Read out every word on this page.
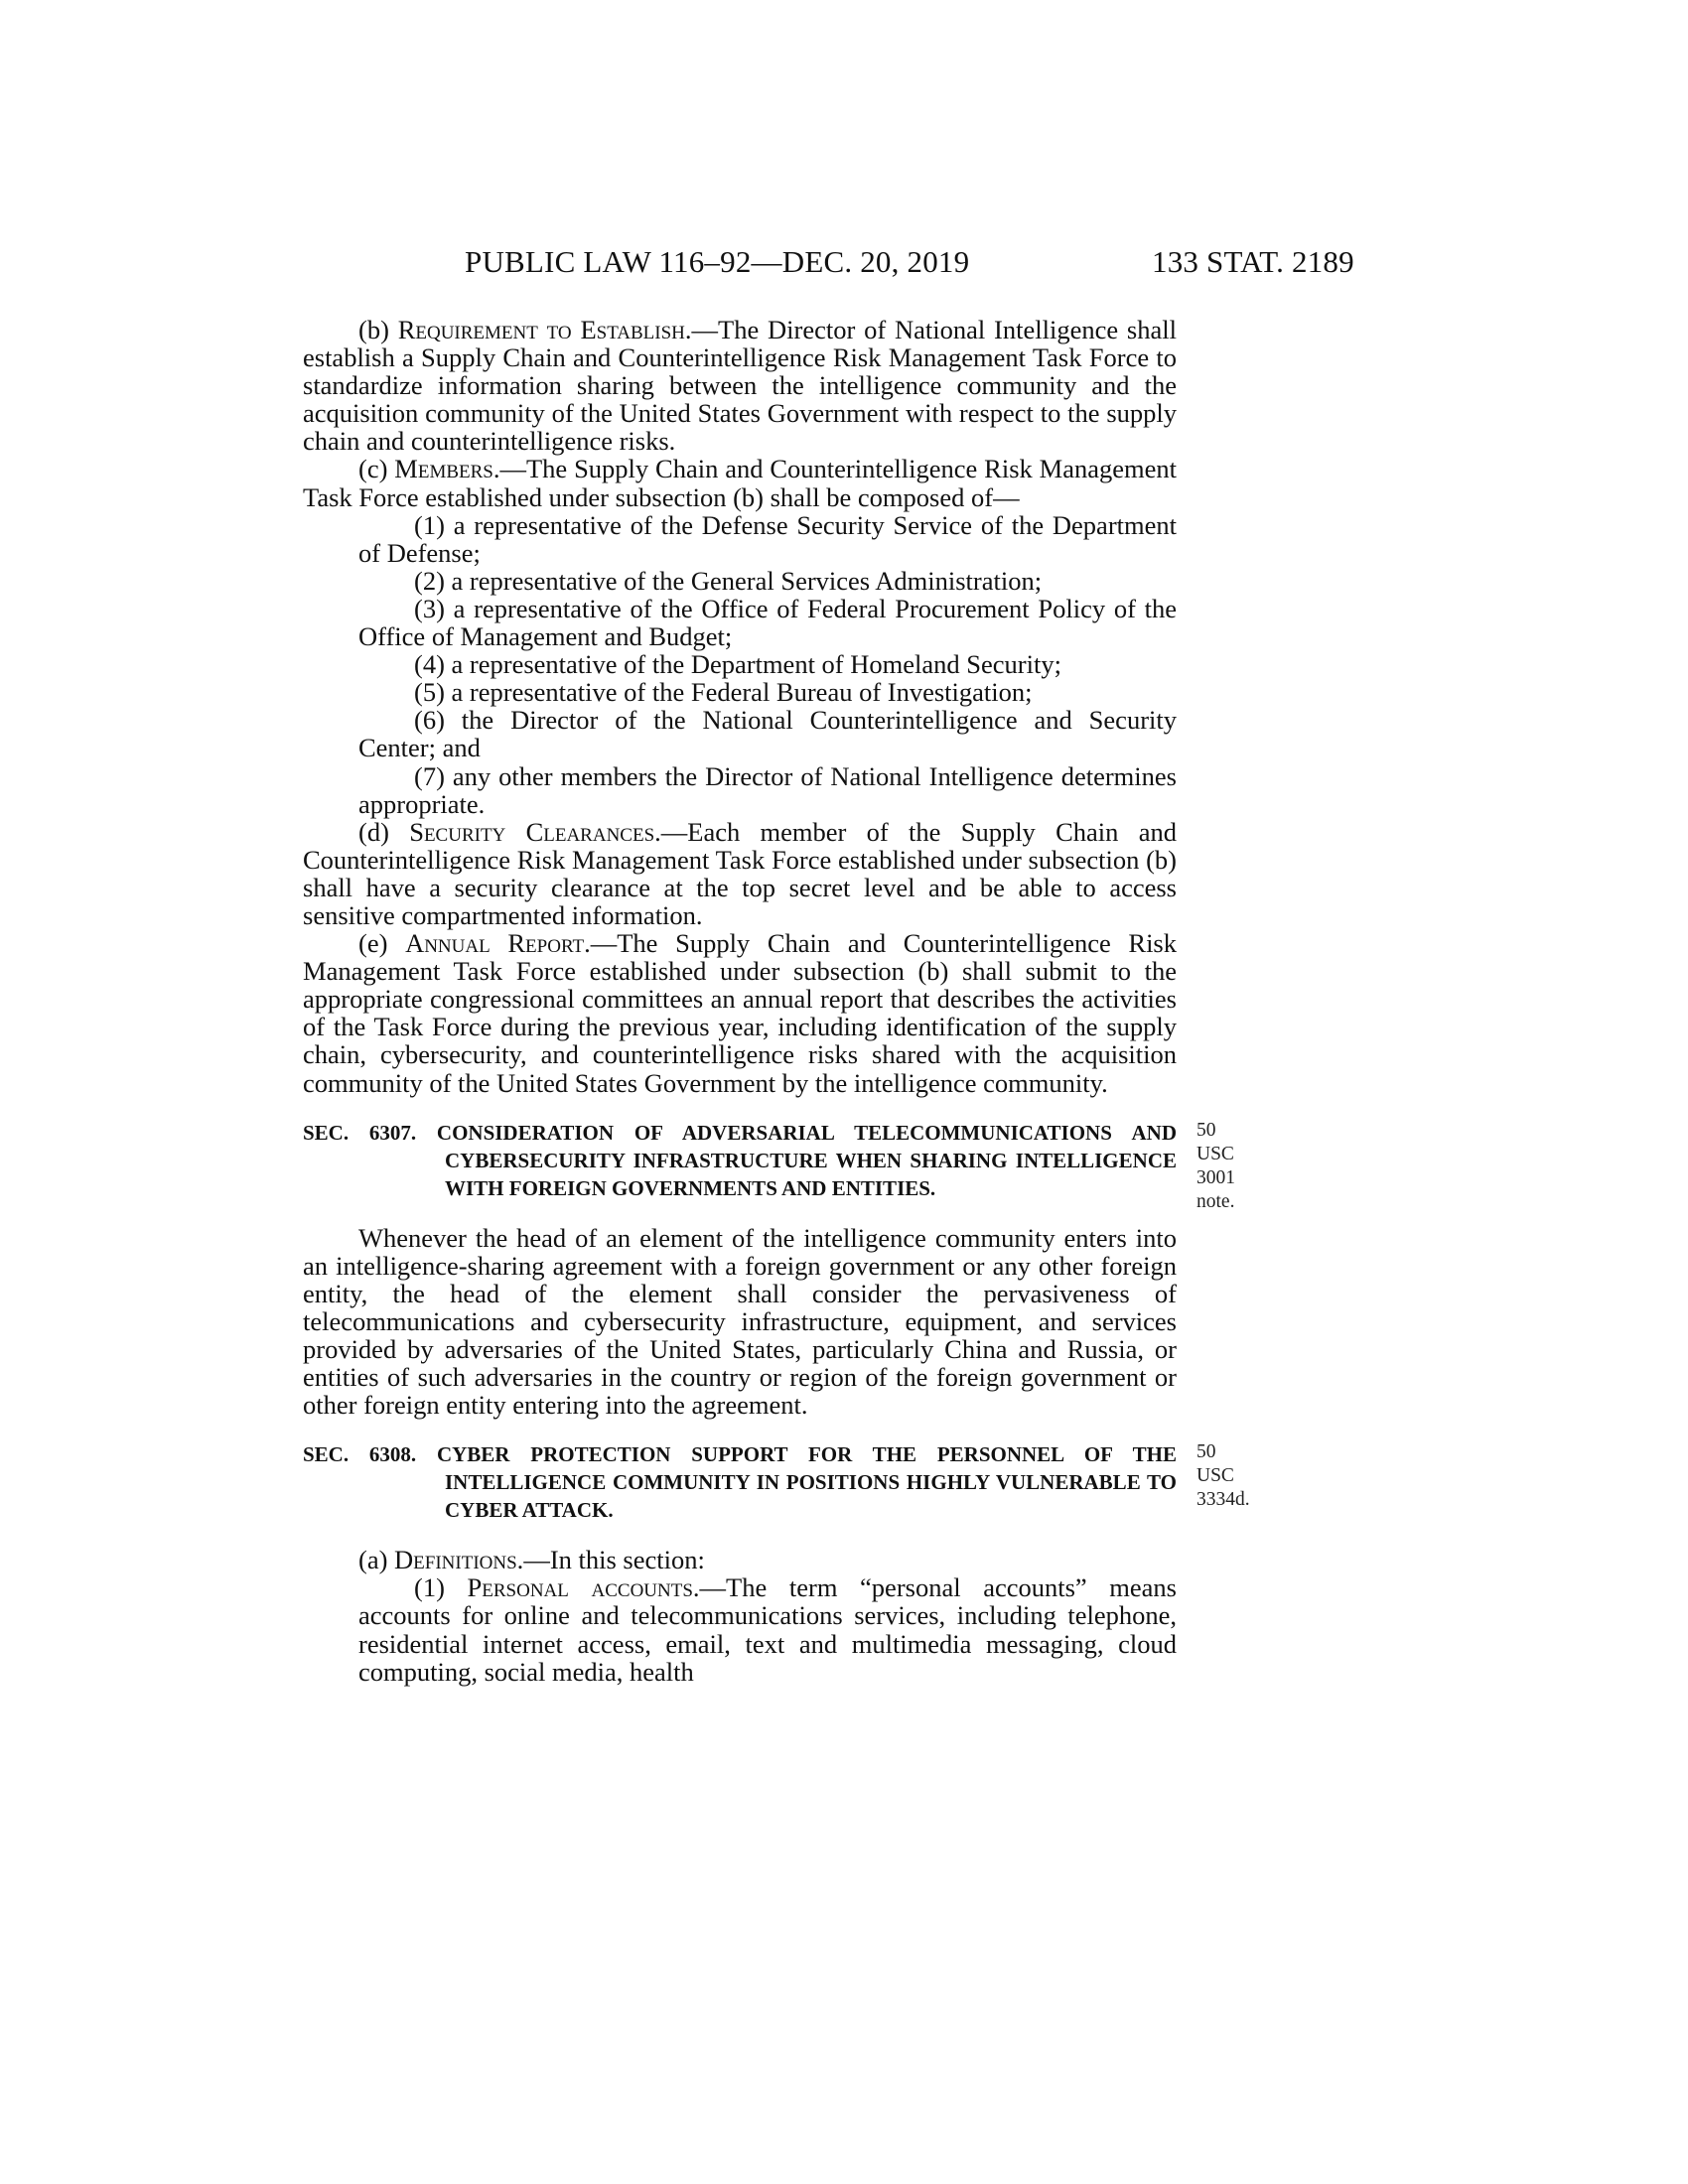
PUBLIC LAW 116–92—DEC. 20, 2019	133 STAT. 2189

(b) Requirement to Establish.—The Director of National Intelligence shall establish a Supply Chain and Counterintelligence Risk Management Task Force to standardize information sharing between the intelligence community and the acquisition community of the United States Government with respect to the supply chain and counterintelligence risks.

(c) Members.—The Supply Chain and Counterintelligence Risk Management Task Force established under subsection (b) shall be composed of—

(1) a representative of the Defense Security Service of the Department of Defense;

(2) a representative of the General Services Administration;

(3) a representative of the Office of Federal Procurement Policy of the Office of Management and Budget;

(4) a representative of the Department of Homeland Security;

(5) a representative of the Federal Bureau of Investigation;

(6) the Director of the National Counterintelligence and Security Center; and

(7) any other members the Director of National Intelligence determines appropriate.

(d) Security Clearances.—Each member of the Supply Chain and Counterintelligence Risk Management Task Force established under subsection (b) shall have a security clearance at the top secret level and be able to access sensitive compartmented information.

(e) Annual Report.—The Supply Chain and Counterintelligence Risk Management Task Force established under subsection (b) shall submit to the appropriate congressional committees an annual report that describes the activities of the Task Force during the previous year, including identification of the supply chain, cybersecurity, and counterintelligence risks shared with the acquisition community of the United States Government by the intelligence community.

SEC. 6307. CONSIDERATION OF ADVERSARIAL TELECOMMUNICATIONS AND CYBERSECURITY INFRASTRUCTURE WHEN SHARING INTELLIGENCE WITH FOREIGN GOVERNMENTS AND ENTITIES.
50 USC 3001
note.

Whenever the head of an element of the intelligence community enters into an intelligence-sharing agreement with a foreign government or any other foreign entity, the head of the element shall consider the pervasiveness of telecommunications and cybersecurity infrastructure, equipment, and services provided by adversaries of the United States, particularly China and Russia, or entities of such adversaries in the country or region of the foreign government or other foreign entity entering into the agreement.

SEC. 6308. CYBER PROTECTION SUPPORT FOR THE PERSONNEL OF THE INTELLIGENCE COMMUNITY IN POSITIONS HIGHLY VULNERABLE TO CYBER ATTACK.
50 USC 3334d.

(a) Definitions.—In this section:

(1) Personal accounts.—The term “personal accounts” means accounts for online and telecommunications services, including telephone, residential internet access, email, text and multimedia messaging, cloud computing, social media, health
